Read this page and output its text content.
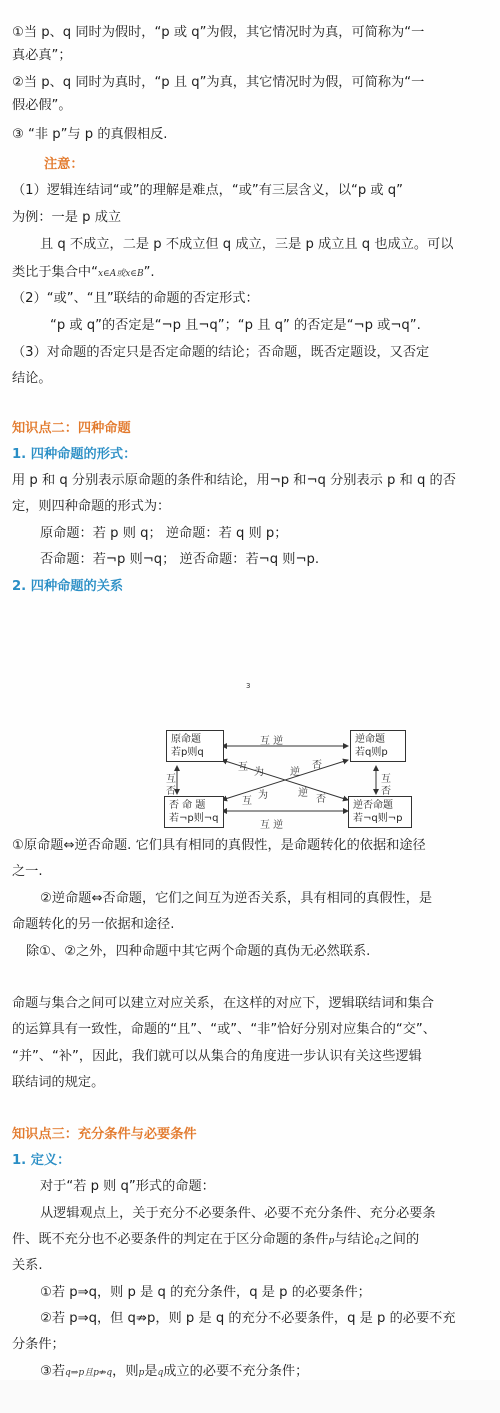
①当 p、q 同时为假时，“p 或 q”为假，其它情况时为真，可简称为“一
真必真”；
②当 p、q 同时为真时，“p 且 q”为真，其它情况时为假，可简称为“一
假必假”。
③ “非 p”与 p 的真假相反.
注意：
（1）逻辑连结词“或”的理解是难点，“或”有三层含义，以“p 或 q”
为例：一是 p 成立
且 q 不成立，二是 p 不成立但 q 成立，三是 p 成立且 q 也成立。可以
类比于集合中“x∈A或x∈B”.
（2）“或”、“且”联结的命题的否定形式：
“p 或 q”的否定是“¬p 且¬q”；“p 且 q” 的否定是“¬p 或¬q”.
（3）对命题的否定只是否定命题的结论；否命题，既否定题设，又否定
结论。
知识点二：四种命题
1. 四种命题的形式：
用 p 和 q 分别表示原命题的条件和结论，用¬p 和¬q 分别表示 p 和 q 的否
定，则四种命题的形式为：
原命题：若 p 则 q； 逆命题：若 q 则 p；
否命题：若¬p 则¬q； 逆否命题：若¬q 则¬p.
2. 四种命题的关系
3
原命题
若p则q
逆命题
若q则p
否 命 题
若¬p则¬q
逆否命题
若¬q则¬p
互 逆
互 逆
互
否
互
否
互 为	逆
否
互
为	逆
否
①原命题⇔逆否命题. 它们具有相同的真假性，是命题转化的依据和途径
之一.
②逆命题⇔否命题，它们之间互为逆否关系，具有相同的真假性，是
命题转化的另一依据和途径.
除①、②之外，四种命题中其它两个命题的真伪无必然联系.
命题与集合之间可以建立对应关系，在这样的对应下，逻辑联结词和集合
的运算具有一致性，命题的“且”、“或”、“非”恰好分别对应集合的“交”、
“并”、“补”，因此，我们就可以从集合的角度进一步认识有关这些逻辑
联结词的规定。
知识点三：充分条件与必要条件
1. 定义：
对于“若 p 则 q”形式的命题：
从逻辑观点上，关于充分不必要条件、必要不充分条件、充分必要条
件、既不充分也不必要条件的判定在于区分命题的条件p与结论q之间的
关系.
①若 p⇒q，则 p 是 q 的充分条件，q 是 p 的必要条件；
②若 p⇒q，但 q⇏p，则 p 是 q 的充分不必要条件，q 是 p 的必要不充
分条件；
③若q⇒p且p⇏q，则p是q成立的必要不充分条件；
